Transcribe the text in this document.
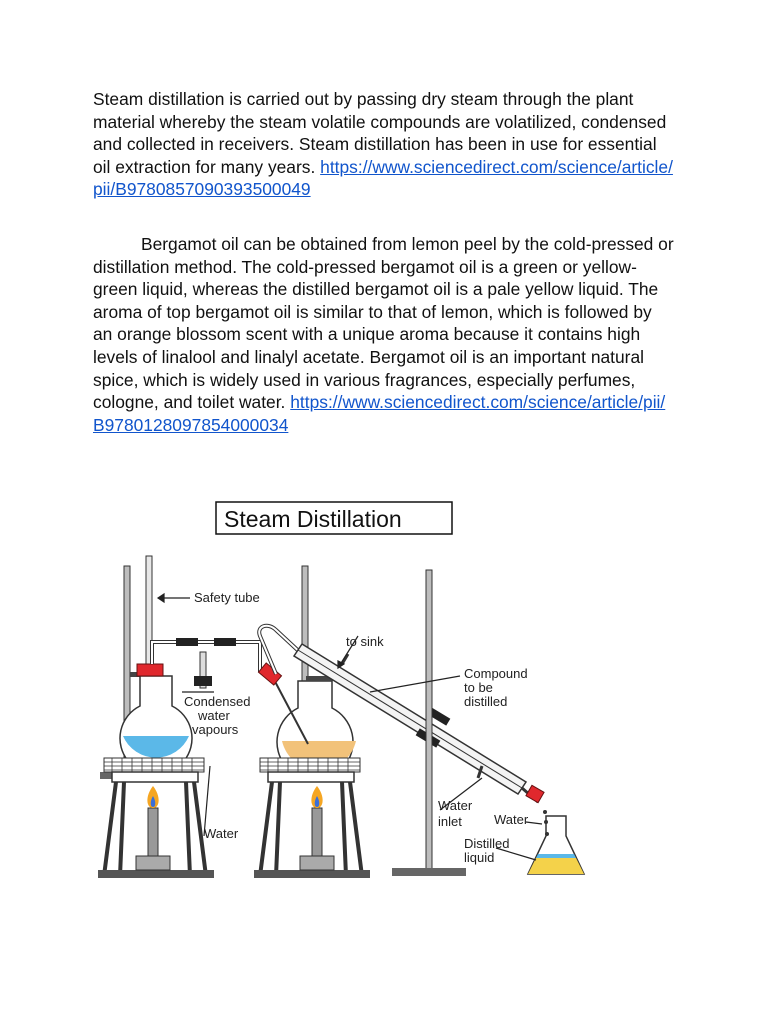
Steam distillation is carried out by passing dry steam through the plant material whereby the steam volatile compounds are volatilized, condensed and collected in receivers. Steam distillation has been in use for essential oil extraction for many years. https://www.sciencedirect.com/science/article/pii/B9780857090393500049

Bergamot oil can be obtained from lemon peel by the cold-pressed or distillation method. The cold-pressed bergamot oil is a green or yellow-green liquid, whereas the distilled bergamot oil is a pale yellow liquid. The aroma of top bergamot oil is similar to that of lemon, which is followed by an orange blossom scent with a unique aroma because it contains high levels of linalool and linalyl acetate. Bergamot oil is an important natural spice, which is widely used in various fragrances, especially perfumes, cologne, and toilet water. https://www.sciencedirect.com/science/article/pii/B9780128097854000034

Steam Distillation
Safety tube
to sink
Compound
to be
distilled
Condensed
water
vapours
Water
Water
inlet Water
Distilled
liquid
